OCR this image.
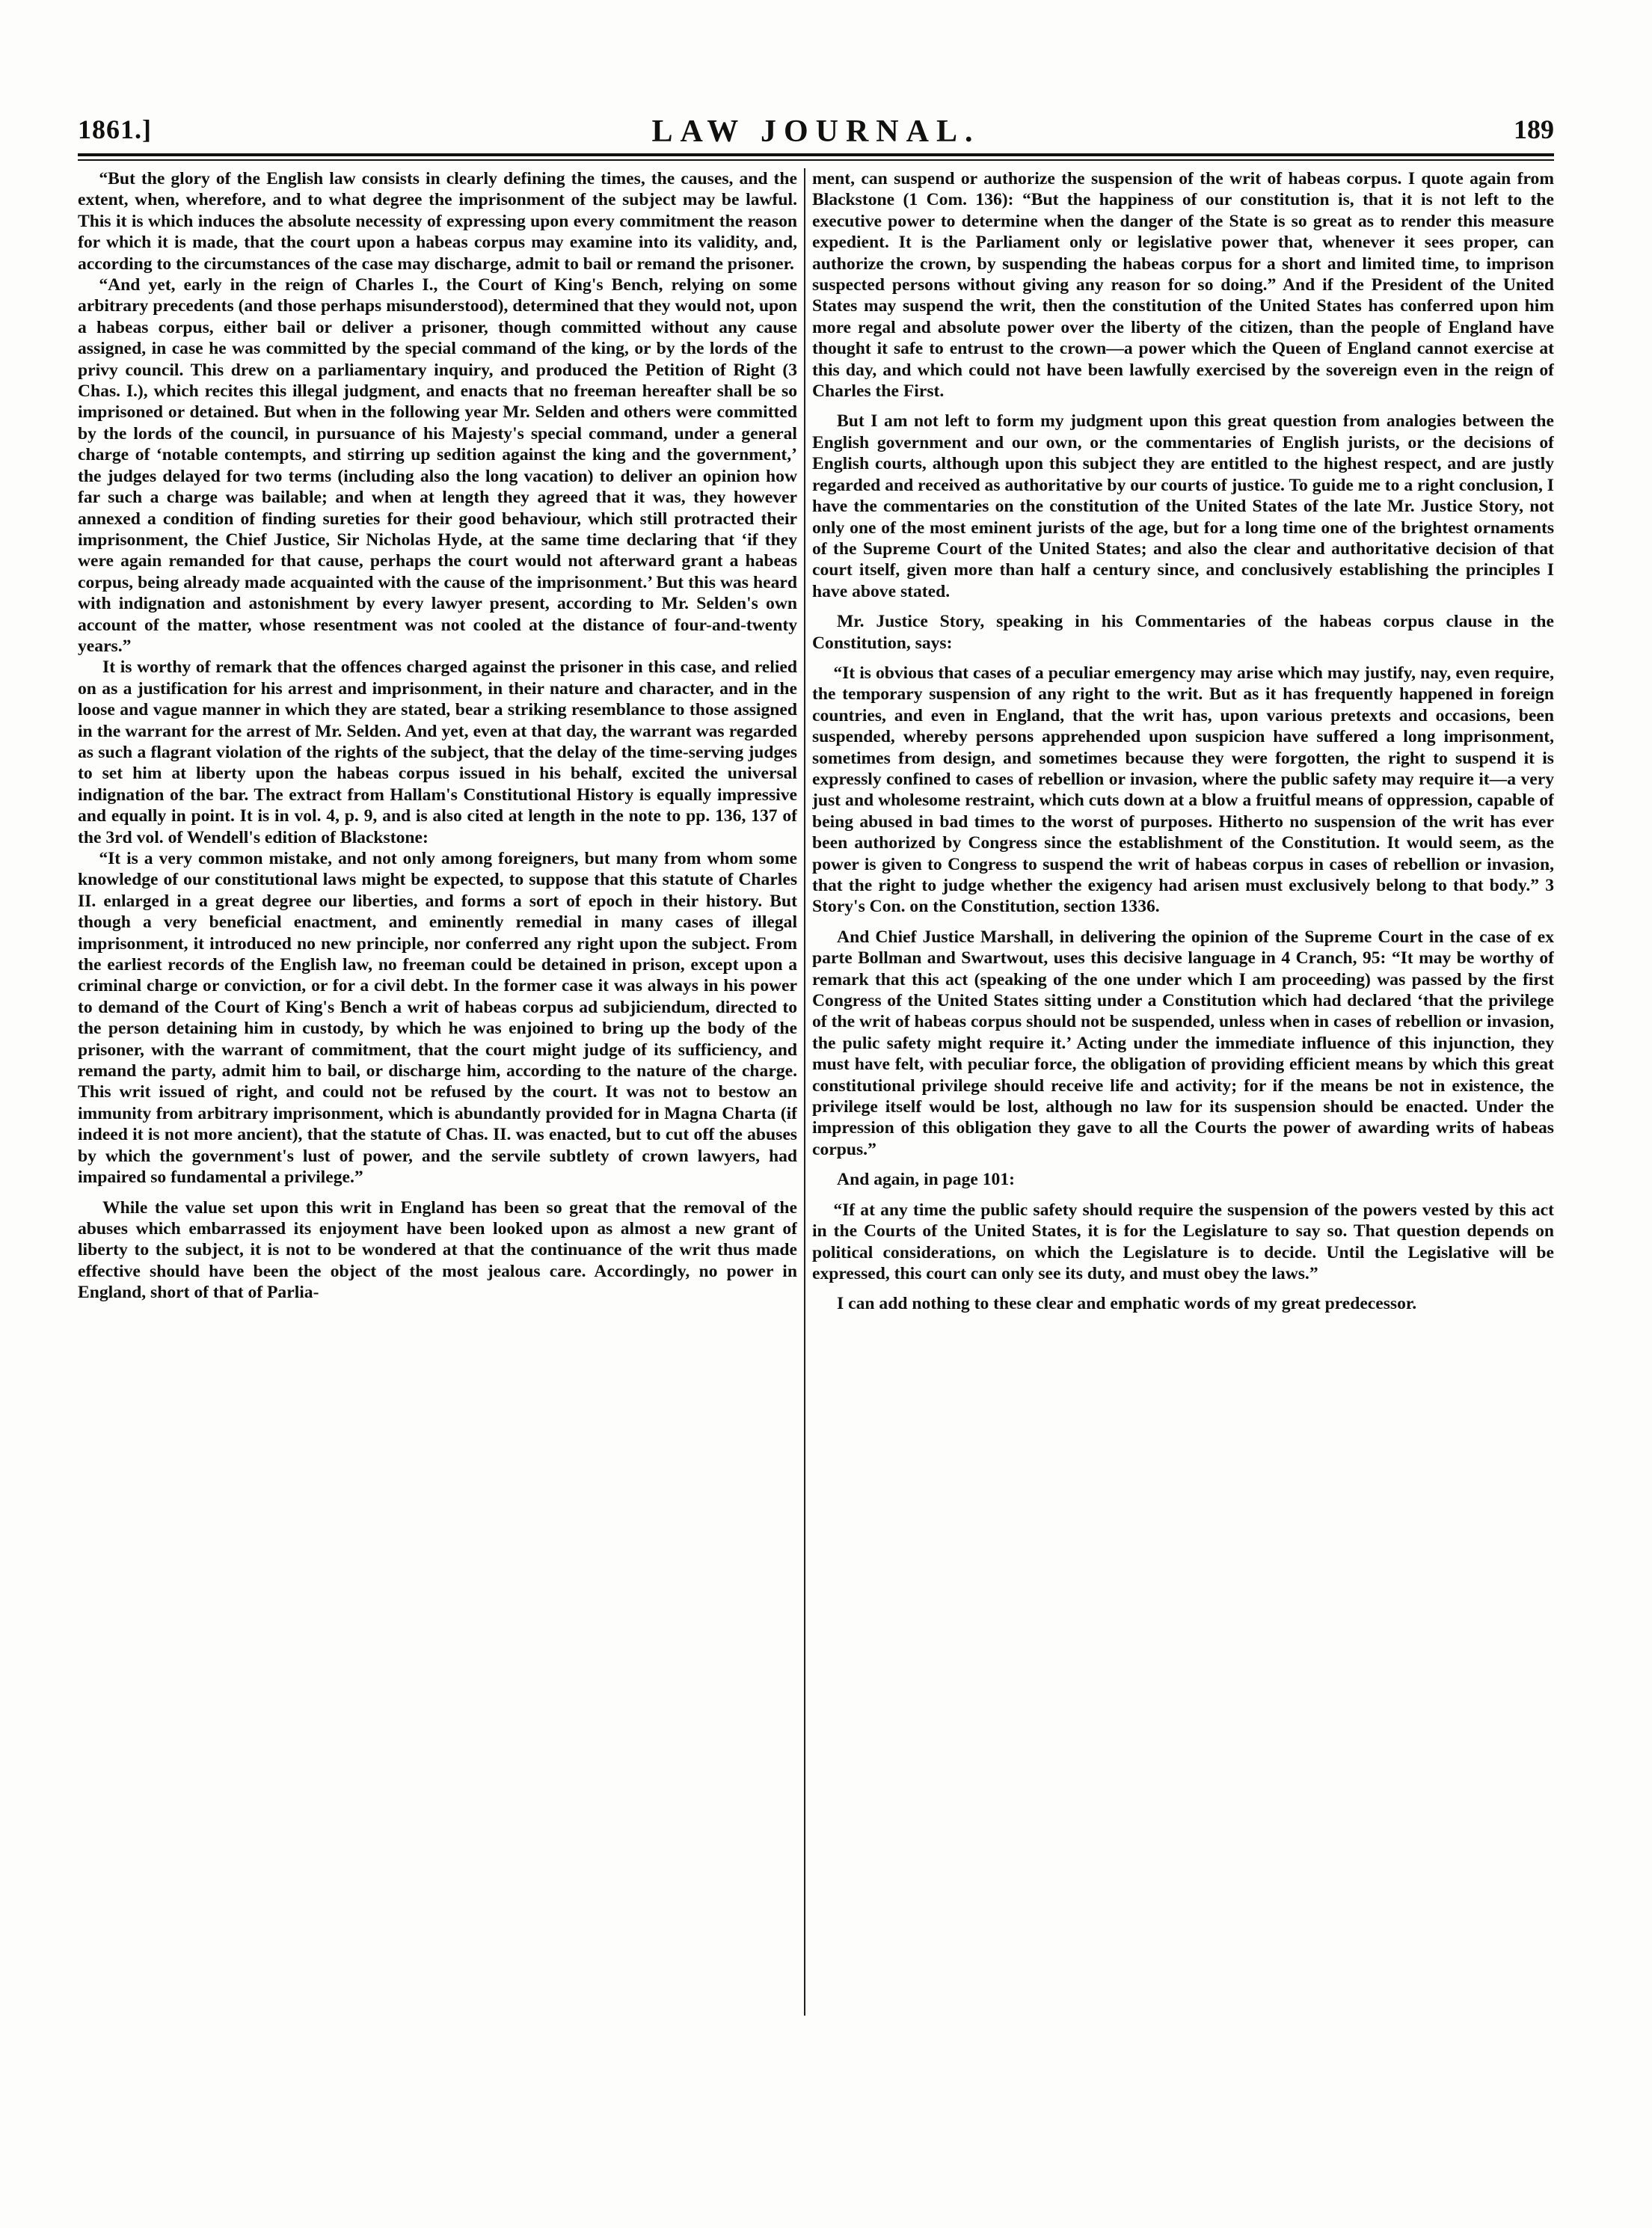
1861.]	LAW JOURNAL.	189

“But the glory of the English law consists in clearly defining the times, the causes, and the extent, when, wherefore, and to what degree the imprisonment of the subject may be lawful. This it is which induces the absolute necessity of expressing upon every commitment the reason for which it is made, that the court upon a habeas corpus may examine into its validity, and, according to the circumstances of the case may discharge, admit to bail or remand the prisoner.

“And yet, early in the reign of Charles I., the Court of King's Bench, relying on some arbitrary precedents (and those perhaps misunderstood), determined that they would not, upon a habeas corpus, either bail or deliver a prisoner, though committed without any cause assigned, in case he was committed by the special command of the king, or by the lords of the privy council. This drew on a parliamentary inquiry, and produced the Petition of Right (3 Chas. I.), which recites this illegal judgment, and enacts that no freeman hereafter shall be so imprisoned or detained. But when in the following year Mr. Selden and others were committed by the lords of the council, in pursuance of his Majesty's special command, under a general charge of ‘notable contempts, and stirring up sedition against the king and the government,’ the judges delayed for two terms (including also the long vacation) to deliver an opinion how far such a charge was bailable; and when at length they agreed that it was, they however annexed a condition of finding sureties for their good behaviour, which still protracted their imprisonment, the Chief Justice, Sir Nicholas Hyde, at the same time declaring that ‘if they were again remanded for that cause, perhaps the court would not afterward grant a habeas corpus, being already made acquainted with the cause of the imprisonment.’ But this was heard with indignation and astonishment by every lawyer present, according to Mr. Selden's own account of the matter, whose resentment was not cooled at the distance of four-and-twenty years.”

It is worthy of remark that the offences charged against the prisoner in this case, and relied on as a justification for his arrest and imprisonment, in their nature and character, and in the loose and vague manner in which they are stated, bear a striking resemblance to those assigned in the warrant for the arrest of Mr. Selden. And yet, even at that day, the warrant was regarded as such a flagrant violation of the rights of the subject, that the delay of the time-serving judges to set him at liberty upon the habeas corpus issued in his behalf, excited the universal indignation of the bar. The extract from Hallam's Constitutional History is equally impressive and equally in point. It is in vol. 4, p. 9, and is also cited at length in the note to pp. 136, 137 of the 3rd vol. of Wendell's edition of Blackstone:

“It is a very common mistake, and not only among foreigners, but many from whom some knowledge of our constitutional laws might be expected, to suppose that this statute of Charles II. enlarged in a great degree our liberties, and forms a sort of epoch in their history. But though a very beneficial enactment, and eminently remedial in many cases of illegal imprisonment, it introduced no new principle, nor conferred any right upon the subject. From the earliest records of the English law, no freeman could be detained in prison, except upon a criminal charge or conviction, or for a civil debt. In the former case it was always in his power to demand of the Court of King's Bench a writ of habeas corpus ad subjiciendum, directed to the person detaining him in custody, by which he was enjoined to bring up the body of the prisoner, with the warrant of commitment, that the court might judge of its sufficiency, and remand the party, admit him to bail, or discharge him, according to the nature of the charge. This writ issued of right, and could not be refused by the court. It was not to bestow an immunity from arbitrary imprisonment, which is abundantly provided for in Magna Charta (if indeed it is not more ancient), that the statute of Chas. II. was enacted, but to cut off the abuses by which the government's lust of power, and the servile subtlety of crown lawyers, had impaired so fundamental a privilege.”

While the value set upon this writ in England has been so great that the removal of the abuses which embarrassed its enjoyment have been looked upon as almost a new grant of liberty to the subject, it is not to be wondered at that the continuance of the writ thus made effective should have been the object of the most jealous care. Accordingly, no power in England, short of that of Parlia-

ment, can suspend or authorize the suspension of the writ of habeas corpus. I quote again from Blackstone (1 Com. 136): “But the happiness of our constitution is, that it is not left to the executive power to determine when the danger of the State is so great as to render this measure expedient. It is the Parliament only or legislative power that, whenever it sees proper, can authorize the crown, by suspending the habeas corpus for a short and limited time, to imprison suspected persons without giving any reason for so doing.” And if the President of the United States may suspend the writ, then the constitution of the United States has conferred upon him more regal and absolute power over the liberty of the citizen, than the people of England have thought it safe to entrust to the crown—a power which the Queen of England cannot exercise at this day, and which could not have been lawfully exercised by the sovereign even in the reign of Charles the First.

But I am not left to form my judgment upon this great question from analogies between the English government and our own, or the commentaries of English jurists, or the decisions of English courts, although upon this subject they are entitled to the highest respect, and are justly regarded and received as authoritative by our courts of justice. To guide me to a right conclusion, I have the commentaries on the constitution of the United States of the late Mr. Justice Story, not only one of the most eminent jurists of the age, but for a long time one of the brightest ornaments of the Supreme Court of the United States; and also the clear and authoritative decision of that court itself, given more than half a century since, and conclusively establishing the principles I have above stated.

Mr. Justice Story, speaking in his Commentaries of the habeas corpus clause in the Constitution, says:

“It is obvious that cases of a peculiar emergency may arise which may justify, nay, even require, the temporary suspension of any right to the writ. But as it has frequently happened in foreign countries, and even in England, that the writ has, upon various pretexts and occasions, been suspended, whereby persons apprehended upon suspicion have suffered a long imprisonment, sometimes from design, and sometimes because they were forgotten, the right to suspend it is expressly confined to cases of rebellion or invasion, where the public safety may require it—a very just and wholesome restraint, which cuts down at a blow a fruitful means of oppression, capable of being abused in bad times to the worst of purposes. Hitherto no suspension of the writ has ever been authorized by Congress since the establishment of the Constitution. It would seem, as the power is given to Congress to suspend the writ of habeas corpus in cases of rebellion or invasion, that the right to judge whether the exigency had arisen must exclusively belong to that body.” 3 Story's Con. on the Constitution, section 1336.

And Chief Justice Marshall, in delivering the opinion of the Supreme Court in the case of ex parte Bollman and Swartwout, uses this decisive language in 4 Cranch, 95: “It may be worthy of remark that this act (speaking of the one under which I am proceeding) was passed by the first Congress of the United States sitting under a Constitution which had declared ‘that the privilege of the writ of habeas corpus should not be suspended, unless when in cases of rebellion or invasion, the pulic safety might require it.’ Acting under the immediate influence of this injunction, they must have felt, with peculiar force, the obligation of providing efficient means by which this great constitutional privilege should receive life and activity; for if the means be not in existence, the privilege itself would be lost, although no law for its suspension should be enacted. Under the impression of this obligation they gave to all the Courts the power of awarding writs of habeas corpus.”

And again, in page 101:

“If at any time the public safety should require the suspension of the powers vested by this act in the Courts of the United States, it is for the Legislature to say so. That question depends on political considerations, on which the Legislature is to decide. Until the Legislative will be expressed, this court can only see its duty, and must obey the laws.”

I can add nothing to these clear and emphatic words of my great predecessor.
